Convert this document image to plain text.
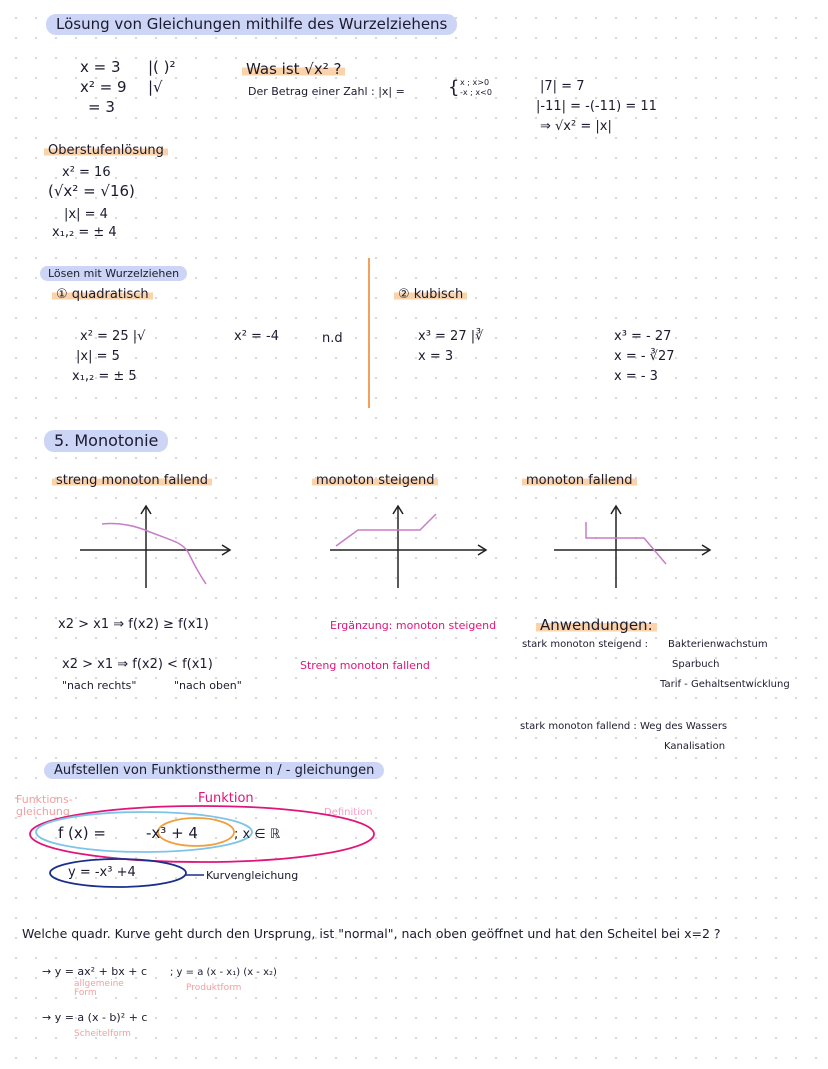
Lösung von Gleichungen mithilfe des Wurzelziehens
x = 3
x² = 9
= 3
|( )²
|√
Was ist √x² ?
Der Betrag einer Zahl : |x| = { x ; x>0
-x ; x<0	|7| = 7
|-11| = -(-11) = 11
⇒ √x² = |x|
Oberstufenlösung
x² = 16
(√x² = √16)
|x| = 4
x₁,₂ = ± 4
Lösen mit Wurzelziehen
① quadratisch	② kubisch
x² = 25 |√
|x| = 5
x₁,₂ = ± 5
x² = -4	n.d	x³ = 27 |∛
x = 3
x³ = - 27
x = - ∛27
x = - 3
5. Monotonie
streng monoton fallend	monoton steigend	monoton fallend
x2 > x1 ⇒ f(x2) ≥ f(x1)	Ergänzung: monoton steigend
x2 > x1 ⇒ f(x2) < f(x1)	Streng monoton fallend
"nach rechts"	"nach oben"
Anwendungen:
stark monoton steigend : Bakterienwachstum
Sparbuch
Tarif - Gehaltsentwicklung
stark monoton fallend : Weg des Wassers
Kanalisation
Aufstellen von Funktionstherme n / - gleichungen
Funktions-gleichung
Funktion
Definition
f (x) =	-x³ + 4	; x ∈ ℝ
y = -x³ +4	Kurvengleichung
Welche quadr. Kurve geht durch den Ursprung, ist "normal", nach oben geöffnet und hat den Scheitel bei x=2 ?
→ y = ax² + bx + c
allgemeine Form
; y = a (x - x₁) (x - x₂)
Produktform
→ y = a (x - b)² + c
Scheitelform
